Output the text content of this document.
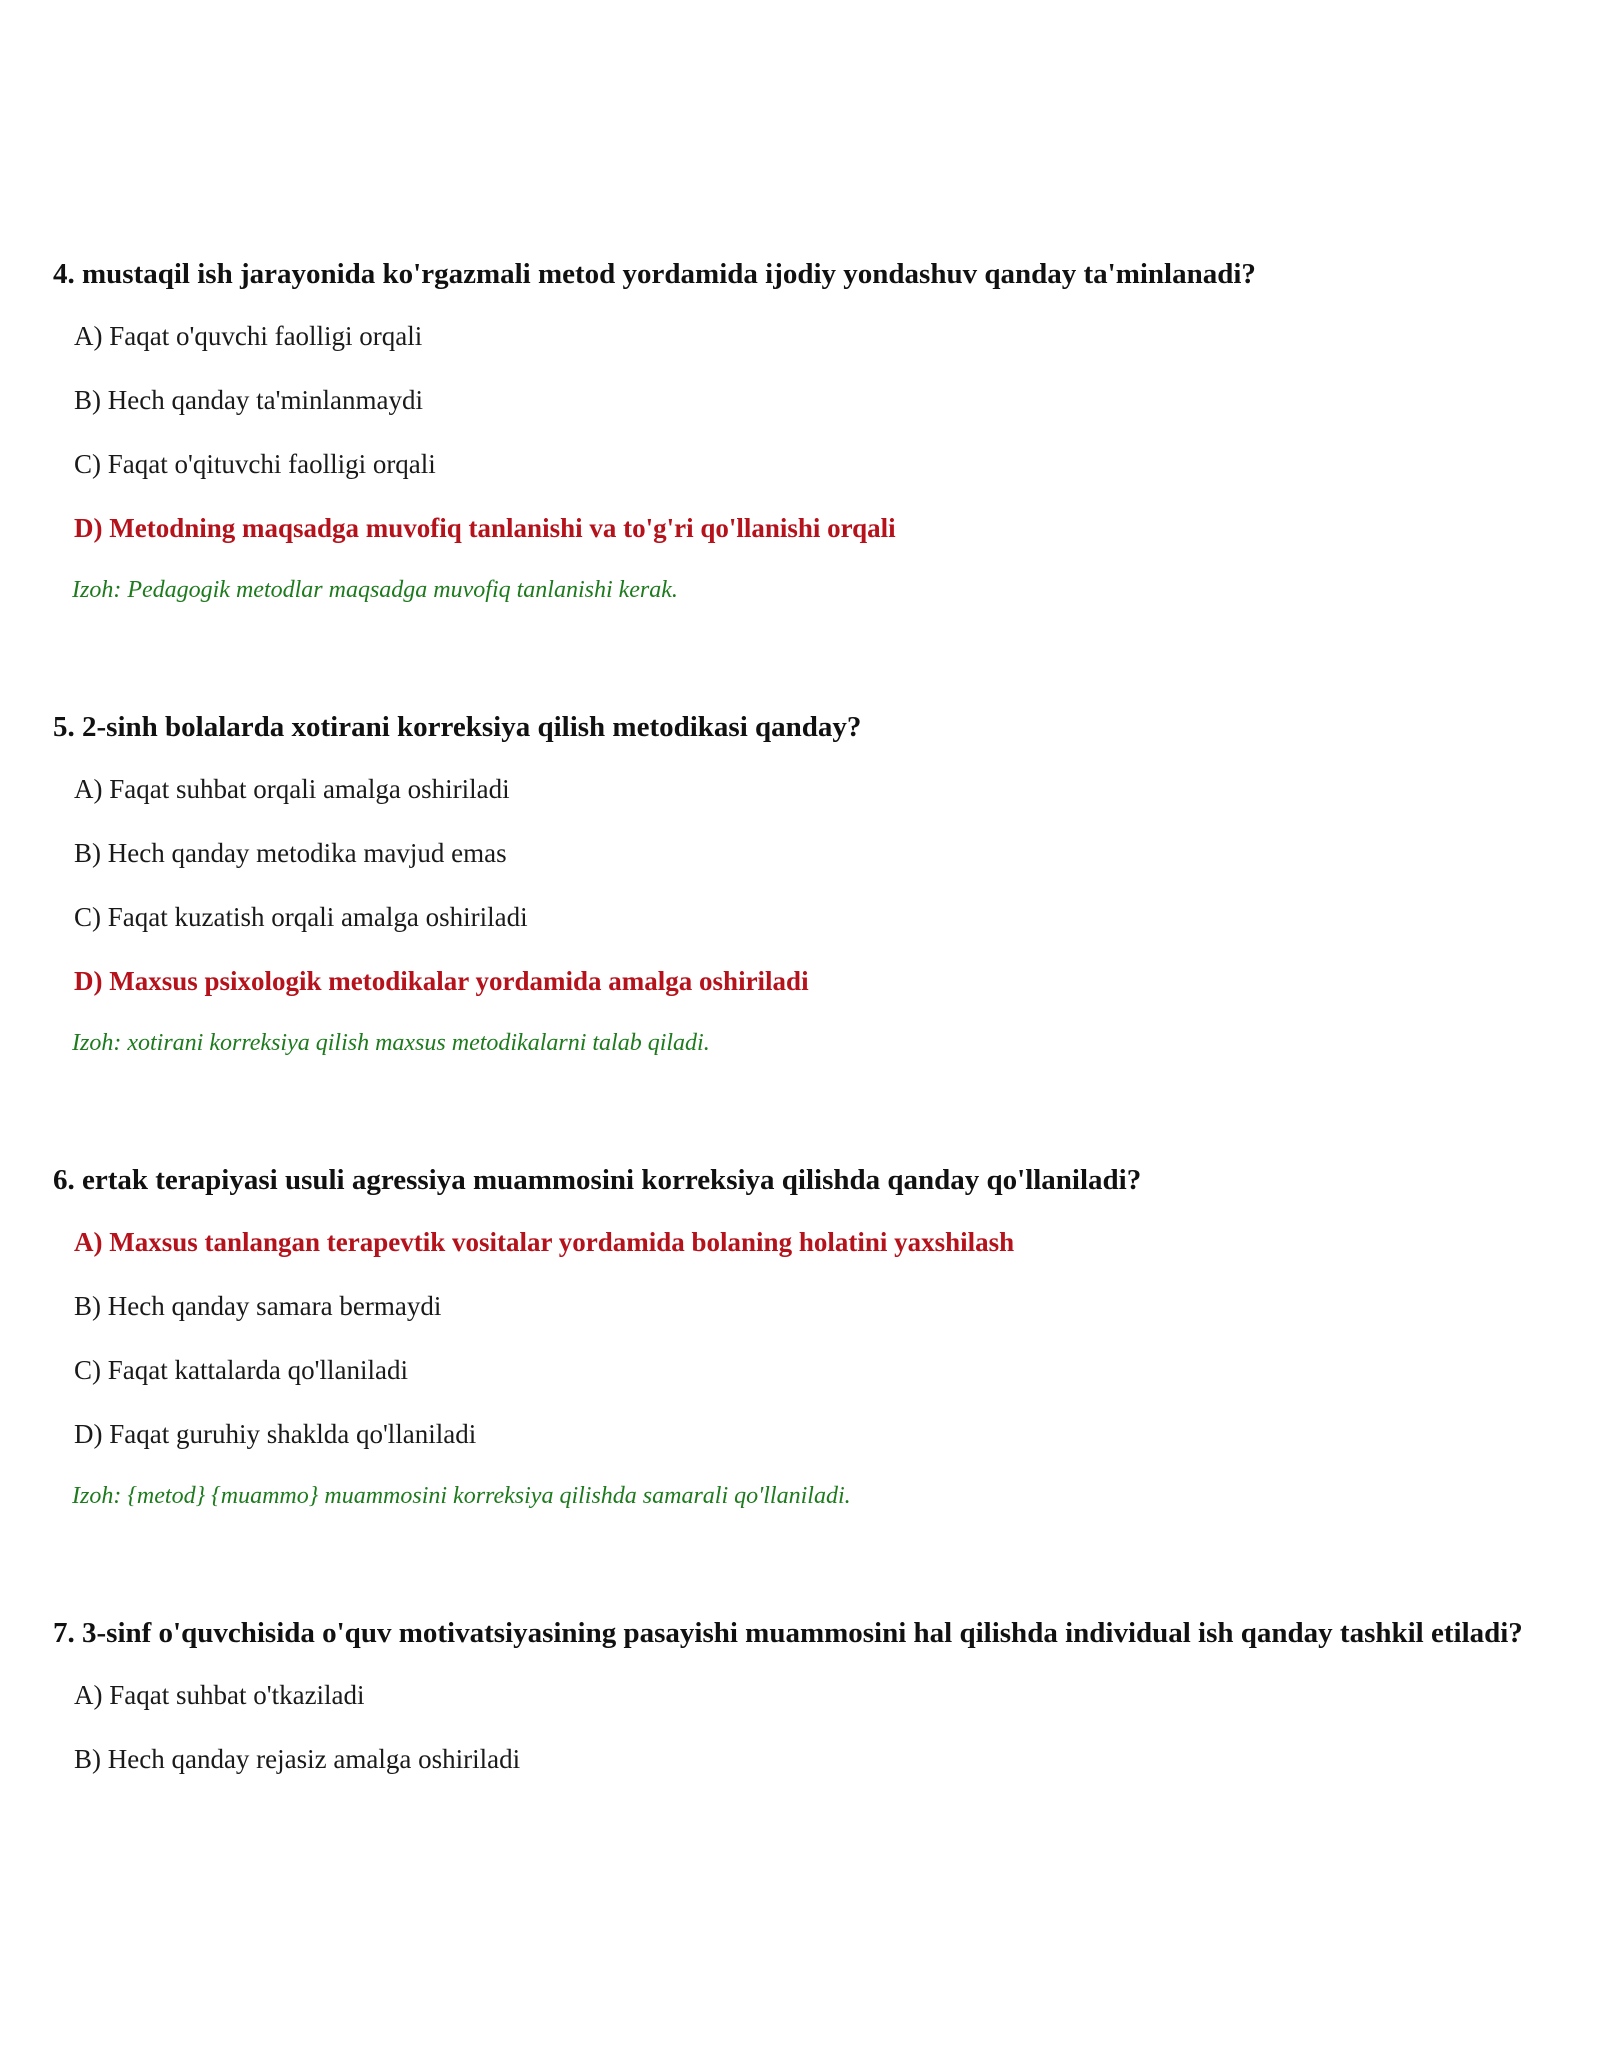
4. mustaqil ish jarayonida ko'rgazmali metod yordamida ijodiy yondashuv qanday ta'minlanadi?
A) Faqat o'quvchi faolligi orqali
B) Hech qanday ta'minlanmaydi
C) Faqat o'qituvchi faolligi orqali
D) Metodning maqsadga muvofiq tanlanishi va to'g'ri qo'llanishi orqali
Izoh: Pedagogik metodlar maqsadga muvofiq tanlanishi kerak.
5. 2-sinh bolalarda xotirani korreksiya qilish metodikasi qanday?
A) Faqat suhbat orqali amalga oshiriladi
B) Hech qanday metodika mavjud emas
C) Faqat kuzatish orqali amalga oshiriladi
D) Maxsus psixologik metodikalar yordamida amalga oshiriladi
Izoh: xotirani korreksiya qilish maxsus metodikalarni talab qiladi.
6. ertak terapiyasi usuli agressiya muammosini korreksiya qilishda qanday qo'llaniladi?
A) Maxsus tanlangan terapevtik vositalar yordamida bolaning holatini yaxshilash
B) Hech qanday samara bermaydi
C) Faqat kattalarda qo'llaniladi
D) Faqat guruhiy shaklda qo'llaniladi
Izoh: {metod} {muammo} muammosini korreksiya qilishda samarali qo'llaniladi.
7. 3-sinf o'quvchisida o'quv motivatsiyasining pasayishi muammosini hal qilishda individual ish qanday tashkil etiladi?
A) Faqat suhbat o'tkaziladi
B) Hech qanday rejasiz amalga oshiriladi
